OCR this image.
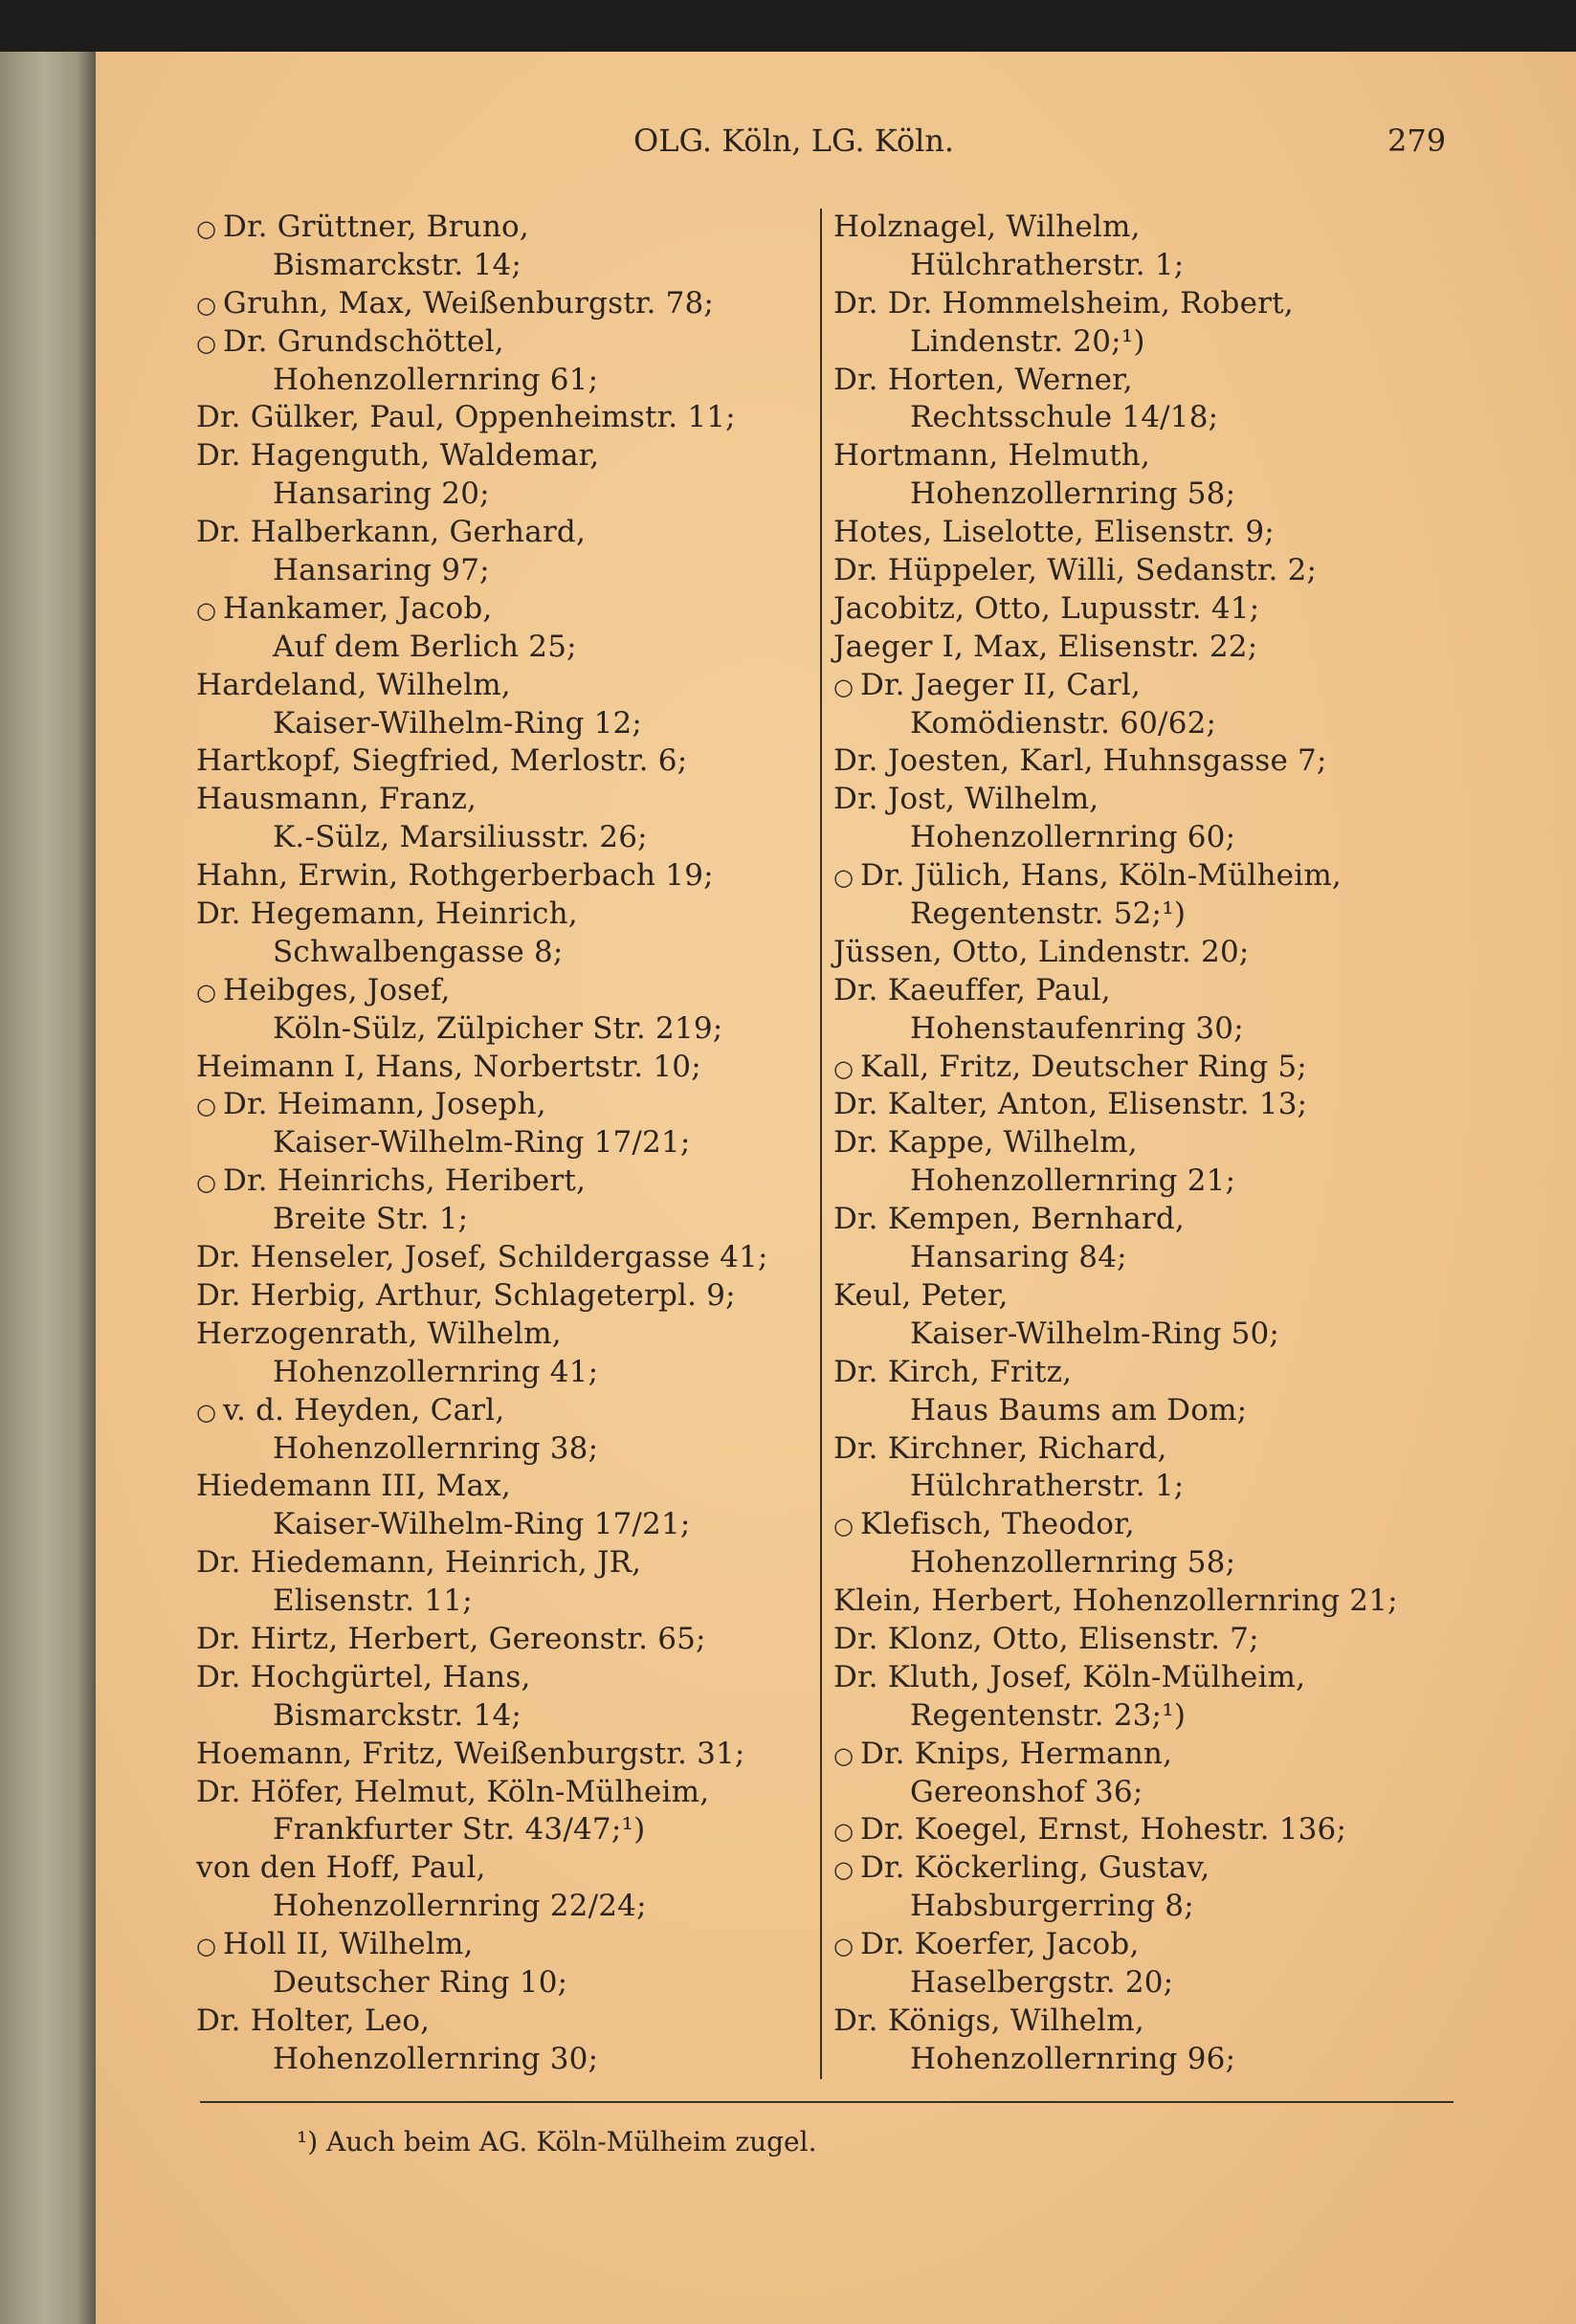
OLG. Köln, LG. Köln.	279
○ Dr. Grüttner, Bruno,
Bismarckstr. 14;
○ Gruhn, Max, Weißenburgstr. 78;
○ Dr. Grundschöttel,
Hohenzollernring 61;
Dr. Gülker, Paul, Oppenheimstr. 11;
Dr. Hagenguth, Waldemar,
Hansaring 20;
Dr. Halberkann, Gerhard,
Hansaring 97;
○ Hankamer, Jacob,
Auf dem Berlich 25;
Hardeland, Wilhelm,
Kaiser-Wilhelm-Ring 12;
Hartkopf, Siegfried, Merlostr. 6;
Hausmann, Franz,
K.-Sülz, Marsiliusstr. 26;
Hahn, Erwin, Rothgerberbach 19;
Dr. Hegemann, Heinrich,
Schwalbengasse 8;
○ Heibges, Josef,
Köln-Sülz, Zülpicher Str. 219;
Heimann I, Hans, Norbertstr. 10;
○ Dr. Heimann, Joseph,
Kaiser-Wilhelm-Ring 17/21;
○ Dr. Heinrichs, Heribert,
Breite Str. 1;
Dr. Henseler, Josef, Schildergasse 41;
Dr. Herbig, Arthur, Schlageterpl. 9;
Herzogenrath, Wilhelm,
Hohenzollernring 41;
○ v. d. Heyden, Carl,
Hohenzollernring 38;
Hiedemann III, Max,
Kaiser-Wilhelm-Ring 17/21;
Dr. Hiedemann, Heinrich, JR,
Elisenstr. 11;
Dr. Hirtz, Herbert, Gereonstr. 65;
Dr. Hochgürtel, Hans,
Bismarckstr. 14;
Hoemann, Fritz, Weißenburgstr. 31;
Dr. Höfer, Helmut, Köln-Mülheim,
Frankfurter Str. 43/47;¹)
von den Hoff, Paul,
Hohenzollernring 22/24;
○ Holl II, Wilhelm,
Deutscher Ring 10;
Dr. Holter, Leo,
Hohenzollernring 30;
Holznagel, Wilhelm,
Hülchratherstr. 1;
Dr. Dr. Hommelsheim, Robert,
Lindenstr. 20;¹)
Dr. Horten, Werner,
Rechtsschule 14/18;
Hortmann, Helmuth,
Hohenzollernring 58;
Hotes, Liselotte, Elisenstr. 9;
Dr. Hüppeler, Willi, Sedanstr. 2;
Jacobitz, Otto, Lupusstr. 41;
Jaeger I, Max, Elisenstr. 22;
○ Dr. Jaeger II, Carl,
Komödienstr. 60/62;
Dr. Joesten, Karl, Huhnsgasse 7;
Dr. Jost, Wilhelm,
Hohenzollernring 60;
○ Dr. Jülich, Hans, Köln-Mülheim,
Regentenstr. 52;¹)
Jüssen, Otto, Lindenstr. 20;
Dr. Kaeuffer, Paul,
Hohenstaufenring 30;
○ Kall, Fritz, Deutscher Ring 5;
Dr. Kalter, Anton, Elisenstr. 13;
Dr. Kappe, Wilhelm,
Hohenzollernring 21;
Dr. Kempen, Bernhard,
Hansaring 84;
Keul, Peter,
Kaiser-Wilhelm-Ring 50;
Dr. Kirch, Fritz,
Haus Baums am Dom;
Dr. Kirchner, Richard,
Hülchratherstr. 1;
○ Klefisch, Theodor,
Hohenzollernring 58;
Klein, Herbert, Hohenzollernring 21;
Dr. Klonz, Otto, Elisenstr. 7;
Dr. Kluth, Josef, Köln-Mülheim,
Regentenstr. 23;¹)
○ Dr. Knips, Hermann,
Gereonshof 36;
○ Dr. Koegel, Ernst, Hohestr. 136;
○ Dr. Köckerling, Gustav,
Habsburgerring 8;
○ Dr. Koerfer, Jacob,
Haselbergstr. 20;
Dr. Königs, Wilhelm,
Hohenzollernring 96;
¹) Auch beim AG. Köln-Mülheim zugel.
